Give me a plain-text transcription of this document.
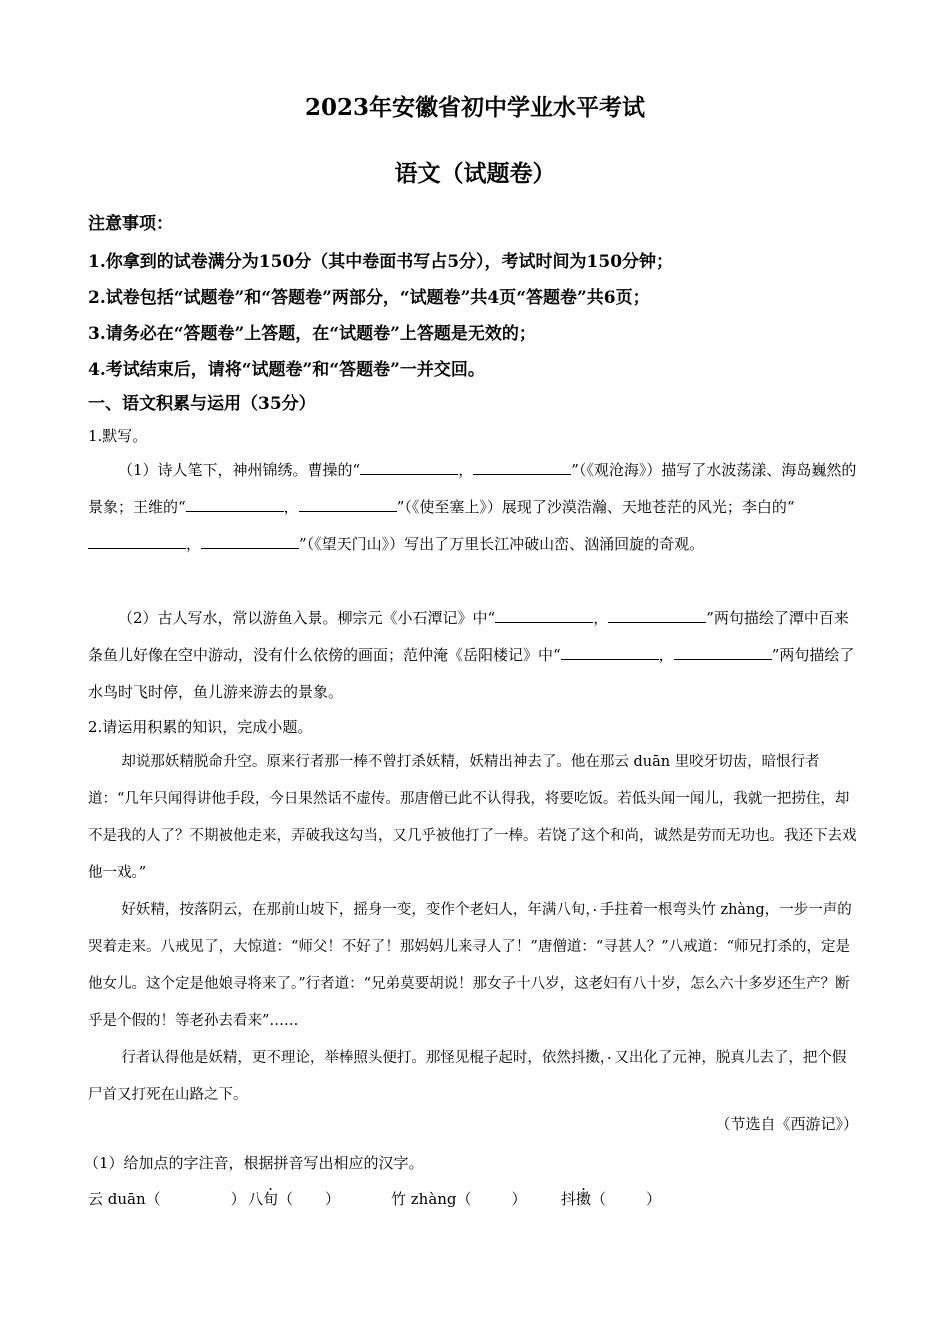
2023年安徽省初中学业水平考试
语文（试题卷）
注意事项：
1.你拿到的试卷满分为150分（其中卷面书写占5分），考试时间为150分钟；
2.试卷包括“试题卷”和“答题卷”两部分，“试题卷”共4页“答题卷”共6页；
3.请务必在“答题卷”上答题，在“试题卷”上答题是无效的；
4.考试结束后，请将“试题卷”和“答题卷”一并交回。
一、语文积累与运用（35分）
1.默写。
（1）诗人笔下，神州锦绣。曹操的“	，	”（《观沧海》）描写了水波荡漾、海岛巍然的景象；王维的“	，	”（《使至塞上》）展现了沙漠浩瀚、天地苍茫的风光；李白的“，	”（《望天门山》）写出了万里长江冲破山峦、汹涌回旋的奇观。
（2）古人写水，常以游鱼入景。柳宗元《小石潭记》中“	，	”两句描绘了潭中百来条鱼儿好像在空中游动，没有什么依傍的画面；范仲淹《岳阳楼记》中“	，	”两句描绘了水鸟时飞时停，鱼儿游来游去的景象。
2.请运用积累的知识，完成小题。
却说那妖精脱命升空。原来行者那一棒不曾打杀妖精，妖精出神去了。他在那云 duān 里咬牙切齿，暗恨行者道：“几年只闻得讲他手段，今日果然话不虚传。那唐僧已此不认得我，将要吃饭。若低头闻一闻儿，我就一把捞住，却不是我的人了？不期被他走来，弄破我这勾当，又几乎被他打了一棒。若饶了这个和尚，诚然是劳而无功也。我还下去戏他一戏。”
好妖精，按落阴云，在那前山坡下，摇身一变，变作个老妇人，年满八旬 .，手拄着一根弯头竹 zhàng，一步一声的哭着走来。八戒见了，大惊道：“师父！不好了！那妈妈儿来寻人了！”唐僧道：“寻甚人？”八戒道：“师兄打杀的，定是他女儿。这个定是他娘寻将来了。”行者道：“兄弟莫要胡说！那女子十八岁，这老妇有八十岁，怎么六十多岁还生产？断乎是个假的！等老孙去看来”……
行者认得他是妖精，更不理论，举棒照头便打。那怪见棍子起时，依然抖擞 .，又出化了元神，脱真儿去了，把个假尸首又打死在山路之下。
（节选自《西游记》）
（1）给加点的字注音，根据拼音写出相应的汉字。
云 duān（	） 八旬（ ）	竹 zhàng（	） 抖擞（	）
